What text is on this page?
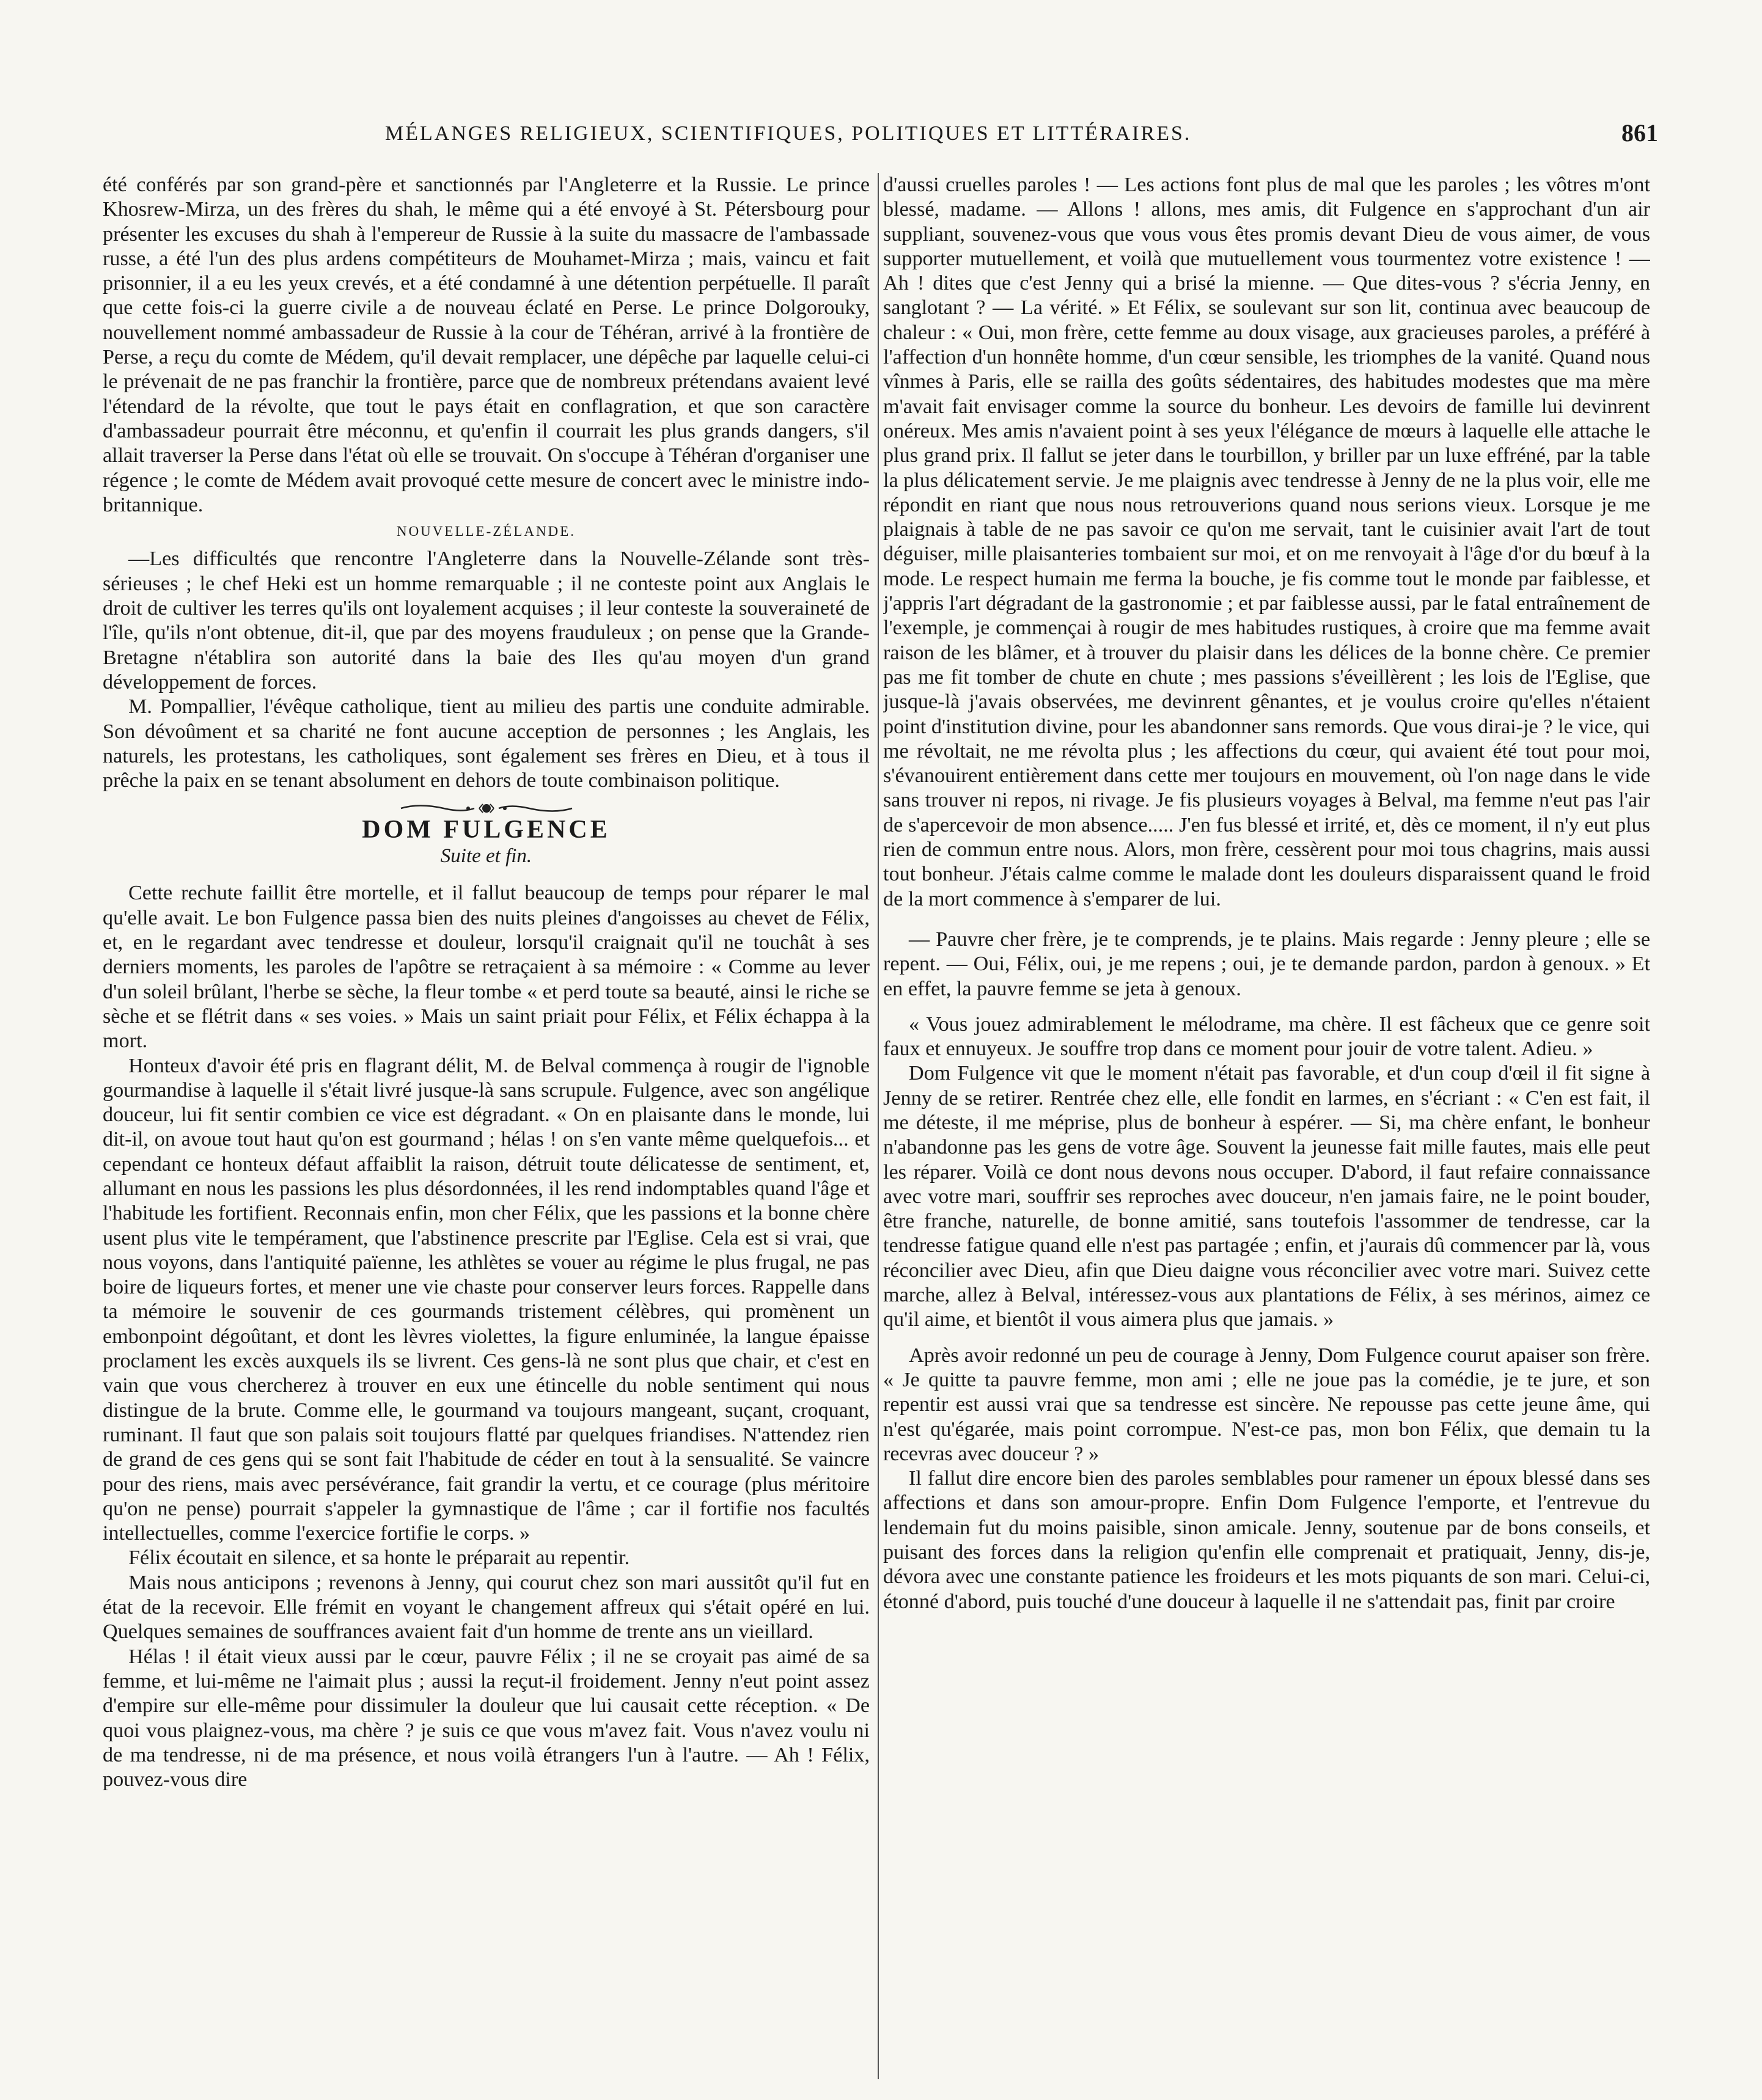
MÉLANGES RELIGIEUX, SCIENTIFIQUES, POLITIQUES ET LITTÉRAIRES.	861

été conférés par son grand-père et sanctionnés par l'Angleterre et la Russie. Le prince Khosrew-Mirza, un des frères du shah, le même qui a été envoyé à St. Pétersbourg pour présenter les excuses du shah à l'empereur de Russie à la suite du massacre de l'ambassade russe, a été l'un des plus ardens compétiteurs de Mouhamet-Mirza ; mais, vaincu et fait prisonnier, il a eu les yeux crevés, et a été condamné à une détention perpétuelle. Il paraît que cette fois-ci la guerre civile a de nouveau éclaté en Perse. Le prince Dolgorouky, nouvellement nommé ambassadeur de Russie à la cour de Téhéran, arrivé à la frontière de Perse, a reçu du comte de Médem, qu'il devait remplacer, une dépêche par laquelle celui-ci le prévenait de ne pas franchir la frontière, parce que de nombreux prétendans avaient levé l'étendard de la révolte, que tout le pays était en conflagration, et que son caractère d'ambassadeur pourrait être méconnu, et qu'enfin il courrait les plus grands dangers, s'il allait traverser la Perse dans l'état où elle se trouvait. On s'occupe à Téhéran d'organiser une régence ; le comte de Médem avait provoqué cette mesure de concert avec le ministre indo-britannique.

NOUVELLE-ZÉLANDE.

—Les difficultés que rencontre l'Angleterre dans la Nouvelle-Zélande sont très-sérieuses ; le chef Heki est un homme remarquable ; il ne conteste point aux Anglais le droit de cultiver les terres qu'ils ont loyalement acquises ; il leur conteste la souveraineté de l'île, qu'ils n'ont obtenue, dit-il, que par des moyens frauduleux ; on pense que la Grande-Bretagne n'établira son autorité dans la baie des Iles qu'au moyen d'un grand développement de forces.

M. Pompallier, l'évêque catholique, tient au milieu des partis une conduite admirable. Son dévoûment et sa charité ne font aucune acception de personnes ; les Anglais, les naturels, les protestans, les catholiques, sont également ses frères en Dieu, et à tous il prêche la paix en se tenant absolument en dehors de toute combinaison politique.

DOM FULGENCE
Suite et fin.

Cette rechute faillit être mortelle, et il fallut beaucoup de temps pour réparer le mal qu'elle avait. Le bon Fulgence passa bien des nuits pleines d'angoisses au chevet de Félix, et, en le regardant avec tendresse et douleur, lorsqu'il craignait qu'il ne touchât à ses derniers moments, les paroles de l'apôtre se retraçaient à sa mémoire : « Comme au lever d'un soleil brûlant, l'herbe se sèche, la fleur tombe « et perd toute sa beauté, ainsi le riche se sèche et se flétrit dans « ses voies. » Mais un saint priait pour Félix, et Félix échappa à la mort.

Honteux d'avoir été pris en flagrant délit, M. de Belval commença à rougir de l'ignoble gourmandise à laquelle il s'était livré jusque-là sans scrupule. Fulgence, avec son angélique douceur, lui fit sentir combien ce vice est dégradant. « On en plaisante dans le monde, lui dit-il, on avoue tout haut qu'on est gourmand ; hélas ! on s'en vante même quelquefois... et cependant ce honteux défaut affaiblit la raison, détruit toute délicatesse de sentiment, et, allumant en nous les passions les plus désordonnées, il les rend indomptables quand l'âge et l'habitude les fortifient. Reconnais enfin, mon cher Félix, que les passions et la bonne chère usent plus vite le tempérament, que l'abstinence prescrite par l'Eglise. Cela est si vrai, que nous voyons, dans l'antiquité païenne, les athlètes se vouer au régime le plus frugal, ne pas boire de liqueurs fortes, et mener une vie chaste pour conserver leurs forces. Rappelle dans ta mémoire le souvenir de ces gourmands tristement célèbres, qui promènent un embonpoint dégoûtant, et dont les lèvres violettes, la figure enluminée, la langue épaisse proclament les excès auxquels ils se livrent. Ces gens-là ne sont plus que chair, et c'est en vain que vous chercherez à trouver en eux une étincelle du noble sentiment qui nous distingue de la brute. Comme elle, le gourmand va toujours mangeant, suçant, croquant, ruminant. Il faut que son palais soit toujours flatté par quelques friandises. N'attendez rien de grand de ces gens qui se sont fait l'habitude de céder en tout à la sensualité. Se vaincre pour des riens, mais avec persévérance, fait grandir la vertu, et ce courage (plus méritoire qu'on ne pense) pourrait s'appeler la gymnastique de l'âme ; car il fortifie nos facultés intellectuelles, comme l'exercice fortifie le corps. »

Félix écoutait en silence, et sa honte le préparait au repentir.

Mais nous anticipons ; revenons à Jenny, qui courut chez son mari aussitôt qu'il fut en état de la recevoir. Elle frémit en voyant le changement affreux qui s'était opéré en lui. Quelques semaines de souffrances avaient fait d'un homme de trente ans un vieillard.

Hélas ! il était vieux aussi par le cœur, pauvre Félix ; il ne se croyait pas aimé de sa femme, et lui-même ne l'aimait plus ; aussi la reçut-il froidement. Jenny n'eut point assez d'empire sur elle-même pour dissimuler la douleur que lui causait cette réception. « De quoi vous plaignez-vous, ma chère ? je suis ce que vous m'avez fait. Vous n'avez voulu ni de ma tendresse, ni de ma présence, et nous voilà étrangers l'un à l'autre. — Ah ! Félix, pouvez-vous dire

d'aussi cruelles paroles ! — Les actions font plus de mal que les paroles ; les vôtres m'ont blessé, madame. — Allons ! allons, mes amis, dit Fulgence en s'approchant d'un air suppliant, souvenez-vous que vous vous êtes promis devant Dieu de vous aimer, de vous supporter mutuellement, et voilà que mutuellement vous tourmentez votre existence ! — Ah ! dites que c'est Jenny qui a brisé la mienne. — Que dites-vous ? s'écria Jenny, en sanglotant ? — La vérité. » Et Félix, se soulevant sur son lit, continua avec beaucoup de chaleur : « Oui, mon frère, cette femme au doux visage, aux gracieuses paroles, a préféré à l'affection d'un honnête homme, d'un cœur sensible, les triomphes de la vanité. Quand nous vînmes à Paris, elle se railla des goûts sédentaires, des habitudes modestes que ma mère m'avait fait envisager comme la source du bonheur. Les devoirs de famille lui devinrent onéreux. Mes amis n'avaient point à ses yeux l'élégance de mœurs à laquelle elle attache le plus grand prix. Il fallut se jeter dans le tourbillon, y briller par un luxe effréné, par la table la plus délicatement servie. Je me plaignis avec tendresse à Jenny de ne la plus voir, elle me répondit en riant que nous nous retrouverions quand nous serions vieux. Lorsque je me plaignais à table de ne pas savoir ce qu'on me servait, tant le cuisinier avait l'art de tout déguiser, mille plaisanteries tombaient sur moi, et on me renvoyait à l'âge d'or du bœuf à la mode. Le respect humain me ferma la bouche, je fis comme tout le monde par faiblesse, et j'appris l'art dégradant de la gastronomie ; et par faiblesse aussi, par le fatal entraînement de l'exemple, je commençai à rougir de mes habitudes rustiques, à croire que ma femme avait raison de les blâmer, et à trouver du plaisir dans les délices de la bonne chère. Ce premier pas me fit tomber de chute en chute ; mes passions s'éveillèrent ; les lois de l'Eglise, que jusque-là j'avais observées, me devinrent gênantes, et je voulus croire qu'elles n'étaient point d'institution divine, pour les abandonner sans remords. Que vous dirai-je ? le vice, qui me révoltait, ne me révolta plus ; les affections du cœur, qui avaient été tout pour moi, s'évanouirent entièrement dans cette mer toujours en mouvement, où l'on nage dans le vide sans trouver ni repos, ni rivage. Je fis plusieurs voyages à Belval, ma femme n'eut pas l'air de s'apercevoir de mon absence..... J'en fus blessé et irrité, et, dès ce moment, il n'y eut plus rien de commun entre nous. Alors, mon frère, cessèrent pour moi tous chagrins, mais aussi tout bonheur. J'étais calme comme le malade dont les douleurs disparaissent quand le froid de la mort commence à s'emparer de lui.

— Pauvre cher frère, je te comprends, je te plains. Mais regarde : Jenny pleure ; elle se repent. — Oui, Félix, oui, je me repens ; oui, je te demande pardon, pardon à genoux. » Et en effet, la pauvre femme se jeta à genoux.

« Vous jouez admirablement le mélodrame, ma chère. Il est fâcheux que ce genre soit faux et ennuyeux. Je souffre trop dans ce moment pour jouir de votre talent. Adieu. »

Dom Fulgence vit que le moment n'était pas favorable, et d'un coup d'œil il fit signe à Jenny de se retirer. Rentrée chez elle, elle fondit en larmes, en s'écriant : « C'en est fait, il me déteste, il me méprise, plus de bonheur à espérer. — Si, ma chère enfant, le bonheur n'abandonne pas les gens de votre âge. Souvent la jeunesse fait mille fautes, mais elle peut les réparer. Voilà ce dont nous devons nous occuper. D'abord, il faut refaire connaissance avec votre mari, souffrir ses reproches avec douceur, n'en jamais faire, ne le point bouder, être franche, naturelle, de bonne amitié, sans toutefois l'assommer de tendresse, car la tendresse fatigue quand elle n'est pas partagée ; enfin, et j'aurais dû commencer par là, vous réconcilier avec Dieu, afin que Dieu daigne vous réconcilier avec votre mari. Suivez cette marche, allez à Belval, intéressez-vous aux plantations de Félix, à ses mérinos, aimez ce qu'il aime, et bientôt il vous aimera plus que jamais. »

Après avoir redonné un peu de courage à Jenny, Dom Fulgence courut apaiser son frère. « Je quitte ta pauvre femme, mon ami ; elle ne joue pas la comédie, je te jure, et son repentir est aussi vrai que sa tendresse est sincère. Ne repousse pas cette jeune âme, qui n'est qu'égarée, mais point corrompue. N'est-ce pas, mon bon Félix, que demain tu la recevras avec douceur ? »

Il fallut dire encore bien des paroles semblables pour ramener un époux blessé dans ses affections et dans son amour-propre. Enfin Dom Fulgence l'emporte, et l'entrevue du lendemain fut du moins paisible, sinon amicale. Jenny, soutenue par de bons conseils, et puisant des forces dans la religion qu'enfin elle comprenait et pratiquait, Jenny, dis-je, dévora avec une constante patience les froideurs et les mots piquants de son mari. Celui-ci, étonné d'abord, puis touché d'une douceur à laquelle il ne s'attendait pas, finit par croire
